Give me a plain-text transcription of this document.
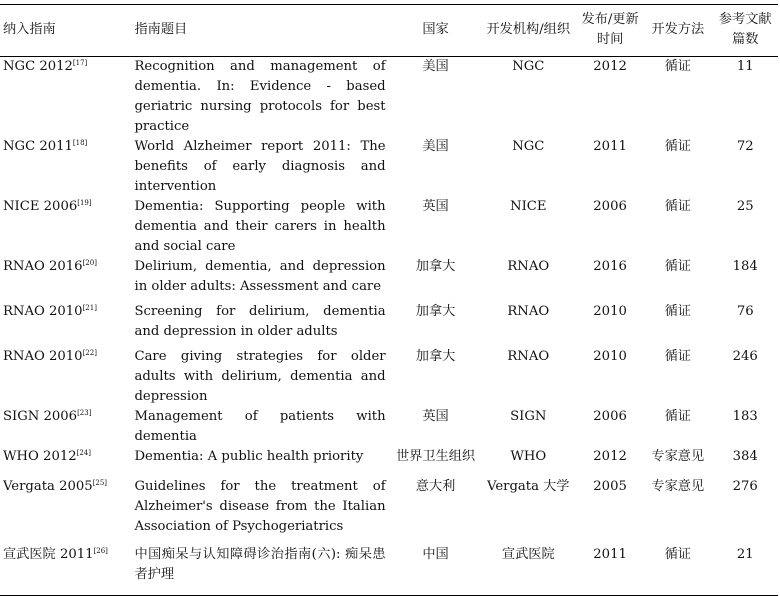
纳入指南	指南题目	国家	开发机构/组织	发布/更新时间	开发方法	参考文献篇数
NGC 2012[17]	Recognition and management of dementia. In: Evidence - based geriatric nursing protocols for best practice	美国	NGC	2012	循证	11
NGC 2011[18]	World Alzheimer report 2011: The benefits of early diagnosis and intervention	美国	NGC	2011	循证	72
NICE 2006[19]	Dementia: Supporting people with dementia and their carers in health and social care	英国	NICE	2006	循证	25
RNAO 2016[20]	Delirium, dementia, and depression in older adults: Assessment and care	加拿大	RNAO	2016	循证	184
RNAO 2010[21]	Screening for delirium, dementia and depression in older adults	加拿大	RNAO	2010	循证	76
RNAO 2010[22]	Care giving strategies for older adults with delirium, dementia and depression	加拿大	RNAO	2010	循证	246
SIGN 2006[23]	Management of patients with dementia	英国	SIGN	2006	循证	183
WHO 2012[24]	Dementia: A public health priority	世界卫生组织	WHO	2012	专家意见	384
Vergata 2005[25]	Guidelines for the treatment of Alzheimer's disease from the Italian Association of Psychogeriatrics	意大利	Vergata 大学	2005	专家意见	276
宣武医院 2011[26]	中国痴呆与认知障碍诊治指南(六): 痴呆患者护理	中国	宣武医院	2011	循证	21
